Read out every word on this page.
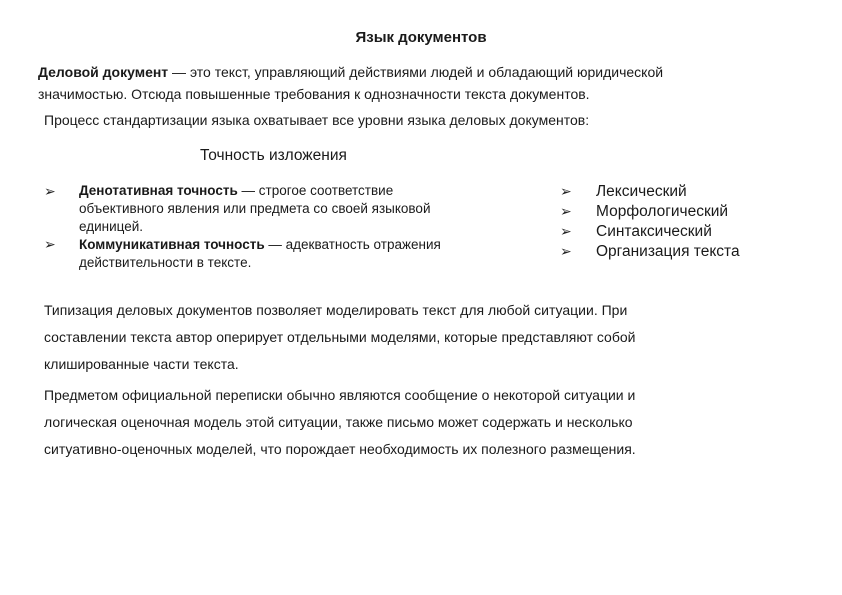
Язык документов
Деловой документ — это текст, управляющий действиями людей и обладающий юридической
значимостью. Отсюда повышенные требования к однозначности текста документов.
Процесс стандартизации языка охватывает все уровни языка деловых документов:
Точность изложения
➢ Денотативная точность — строгое соответствие
объективного явления или предмета со своей языковой
единицей.
➢ Коммуникативная точность — адекватность отражения
действительности в тексте.
➢ Лексический
➢ Морфологический
➢ Синтаксический
➢ Организация текста
Типизация деловых документов позволяет моделировать текст для любой ситуации. При
составлении текста автор оперирует отдельными моделями, которые представляют собой
клишированные части текста.
Предметом официальной переписки обычно являются сообщение о некоторой ситуации и
логическая оценочная модель этой ситуации, также письмо может содержать и несколько
ситуативно-оценочных моделей, что порождает необходимость их полезного размещения.
